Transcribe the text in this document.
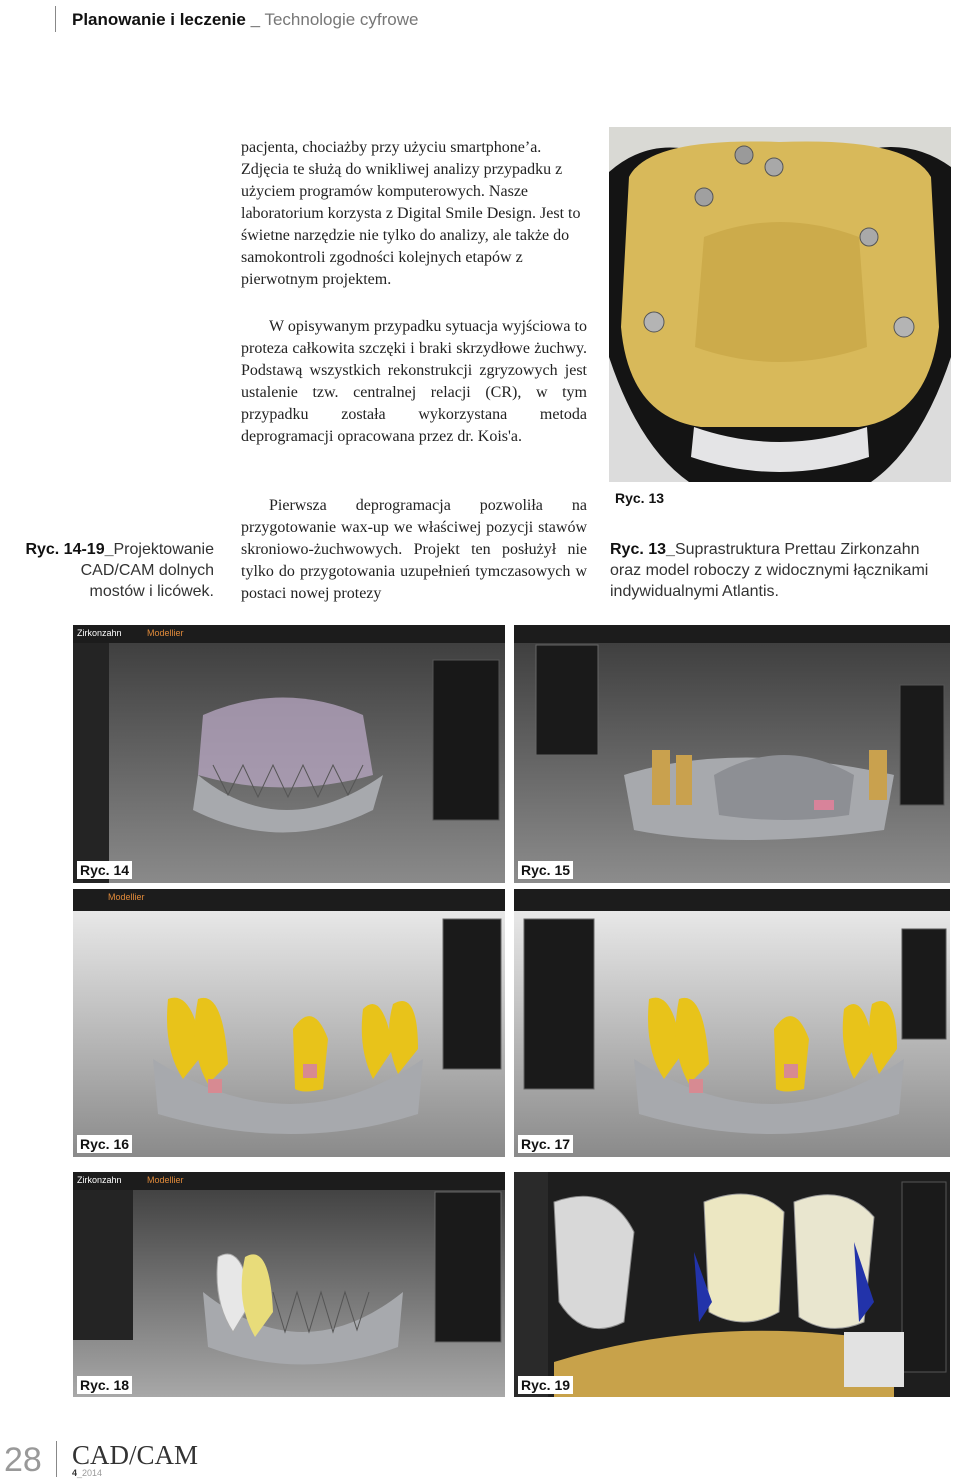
Planowanie i leczenie _ Technologie cyfrowe

pacjenta, chociażby przy użyciu smartphone’a. Zdjęcia te służą do wnikliwej analizy przypadku z użyciem programów komputerowych. Nasze laboratorium korzysta z Digital Smile Design. Jest to świetne narzędzie nie tylko do analizy, ale także do samokontroli zgodności kolejnych etapów z pierwotnym projektem.

W opisywanym przypadku sytuacja wyjściowa to proteza całkowita szczęki i braki skrzydłowe żuchwy. Podstawą wszystkich rekonstrukcji zgryzowych jest ustalenie tzw. centralnej relacji (CR), w tym przypadku została wykorzystana metoda deprogramacji opracowana przez dr. Kois'a.

Pierwsza deprogramacja pozwoliła na przygotowanie wax-up we właściwej pozycji stawów skroniowo-żuchwowych. Projekt ten posłużył nie tylko do przygotowania uzupełnień tymczasowych w postaci nowej protezy

Ryc. 14-19_Projektowanie CAD/CAM dolnych mostów i licówek.
Ryc. 13
Ryc. 13_Suprastruktura Prettau Zirkonzahn oraz model roboczy z widocznymi łącznikami indywidualnymi Atlantis.
Zirkonzahn	Modellier
Ryc. 14	Ryc. 15
Modellier
Ryc. 16	Ryc. 17
Zirkonzahn	Modellier
Ryc. 18	Ryc. 19
28 CAD/CAM
4_2014
